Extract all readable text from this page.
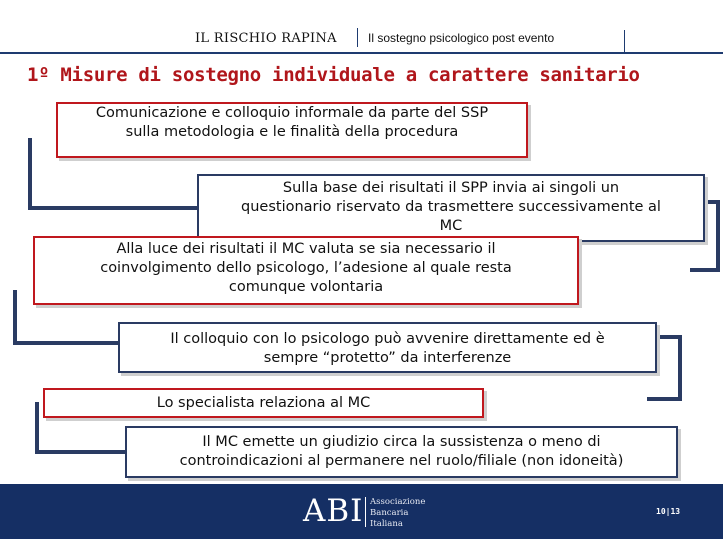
IL RISCHIO RAPINA	Il sostegno psicologico post evento
1º Misure di sostegno individuale a carattere sanitario
Comunicazione e colloquio informale da parte del SSP
sulla metodologia e le finalità della procedura
Sulla base dei risultati il SPP invia ai singoli un
questionario riservato da trasmettere successivamente al
MC
Alla luce dei risultati il MC valuta se sia necessario il
coinvolgimento dello psicologo, l’adesione al quale resta
comunque volontaria
Il colloquio con lo psicologo può avvenire direttamente ed è
sempre “protetto” da interferenze
Lo specialista relaziona al MC
Il MC emette un giudizio circa la sussistenza o meno di
controindicazioni al permanere nel ruolo/filiale (non idoneità)
ABI Associazione
Bancaria
Italiana
10|13
